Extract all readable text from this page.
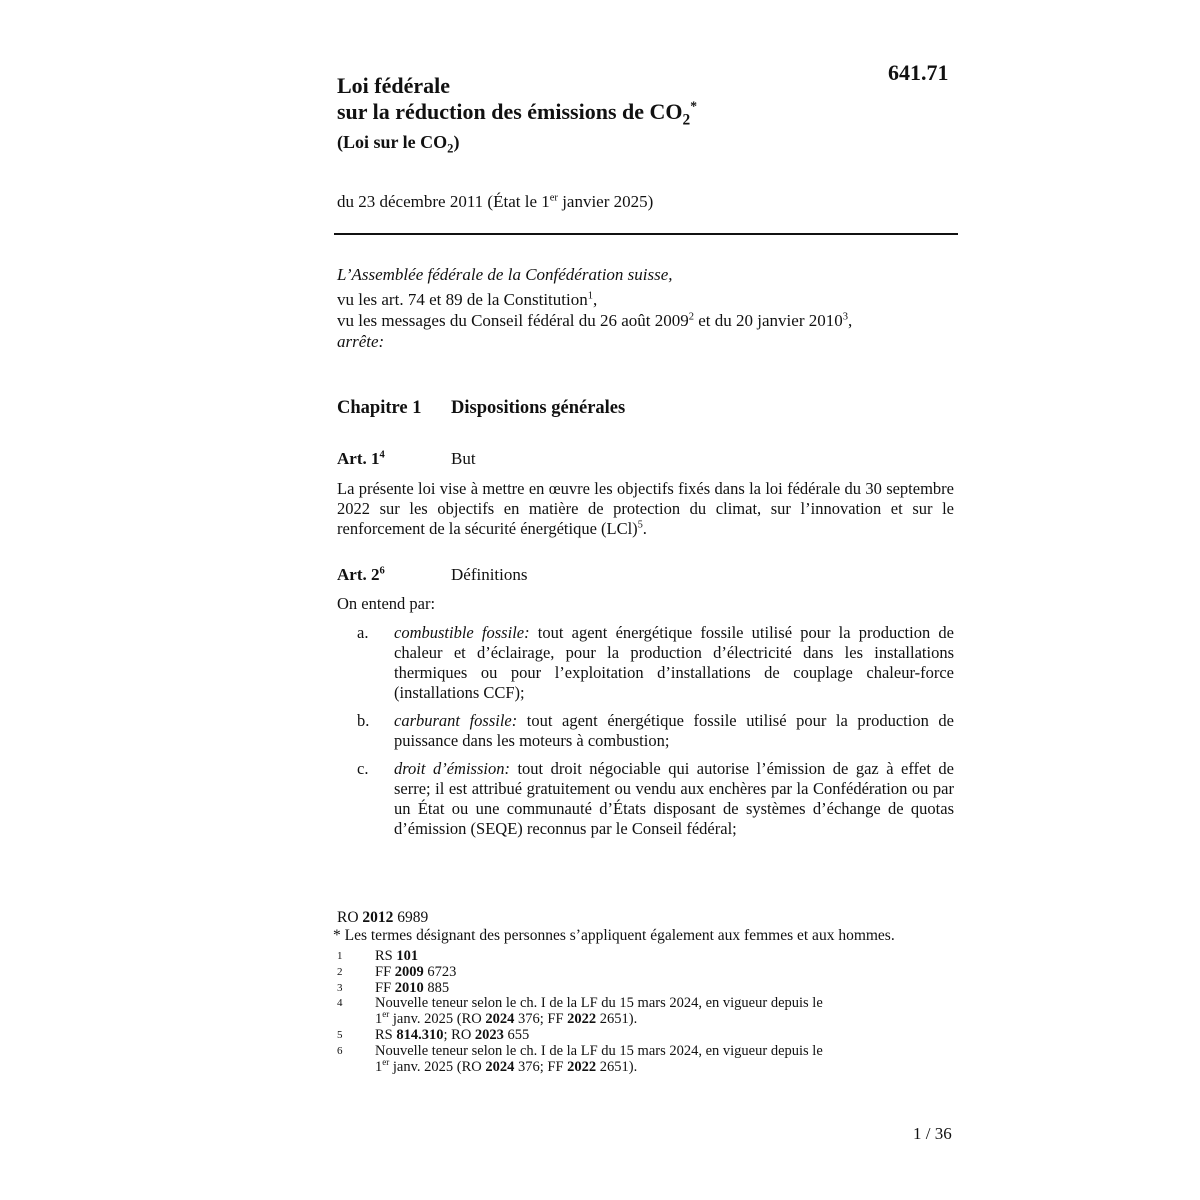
641.71
Loi fédérale
sur la réduction des émissions de $CO_2^*$
(Loi sur le $CO_2$)
du 23 décembre 2011 (État le 1er janvier 2025)
L’Assemblée fédérale de la Confédération suisse,
vu les art. 74 et 89 de la Constitution$^1$,
vu les messages du Conseil fédéral du 26 août 2009$^2$ et du 20 janvier 2010$^3$,
arrête:
Chapitre 1 Dispositions générales
Art. $1^4$	But
La présente loi vise à mettre en œuvre les objectifs fixés dans la loi fédérale du 30 septembre 2022 sur les objectifs en matière de protection du climat, sur l’innovation et sur le renforcement de la sécurité énergétique (LCl)$^5$.
Art. $2^6$	Définitions
On entend par:
a.	combustible fossile: tout agent énergétique fossile utilisé pour la production de chaleur et d’éclairage, pour la production d’électricité dans les installations thermiques ou pour l’exploitation d’installations de couplage chaleur-force (installations CCF);
b.	carburant fossile: tout agent énergétique fossile utilisé pour la production de puissance dans les moteurs à combustion;
c.	droit d’émission: tout droit négociable qui autorise l’émission de gaz à effet de serre; il est attribué gratuitement ou vendu aux enchères par la Confédération ou par un État ou une communauté d’États disposant de systèmes d’échange de quotas d’émission (SEQE) reconnus par le Conseil fédéral;
RO 2012 6989
* Les termes désignant des personnes s’appliquent également aux femmes et aux hommes.
1	RS 101
2	FF 2009 6723
3	FF 2010 885
4	Nouvelle teneur selon le ch. I de la LF du 15 mars 2024, en vigueur depuis le
1er janv. 2025 (RO 2024 376; FF 2022 2651).
5	RS 814.310; RO 2023 655
6	Nouvelle teneur selon le ch. I de la LF du 15 mars 2024, en vigueur depuis le
1er janv. 2025 (RO 2024 376; FF 2022 2651).
1 / 36
